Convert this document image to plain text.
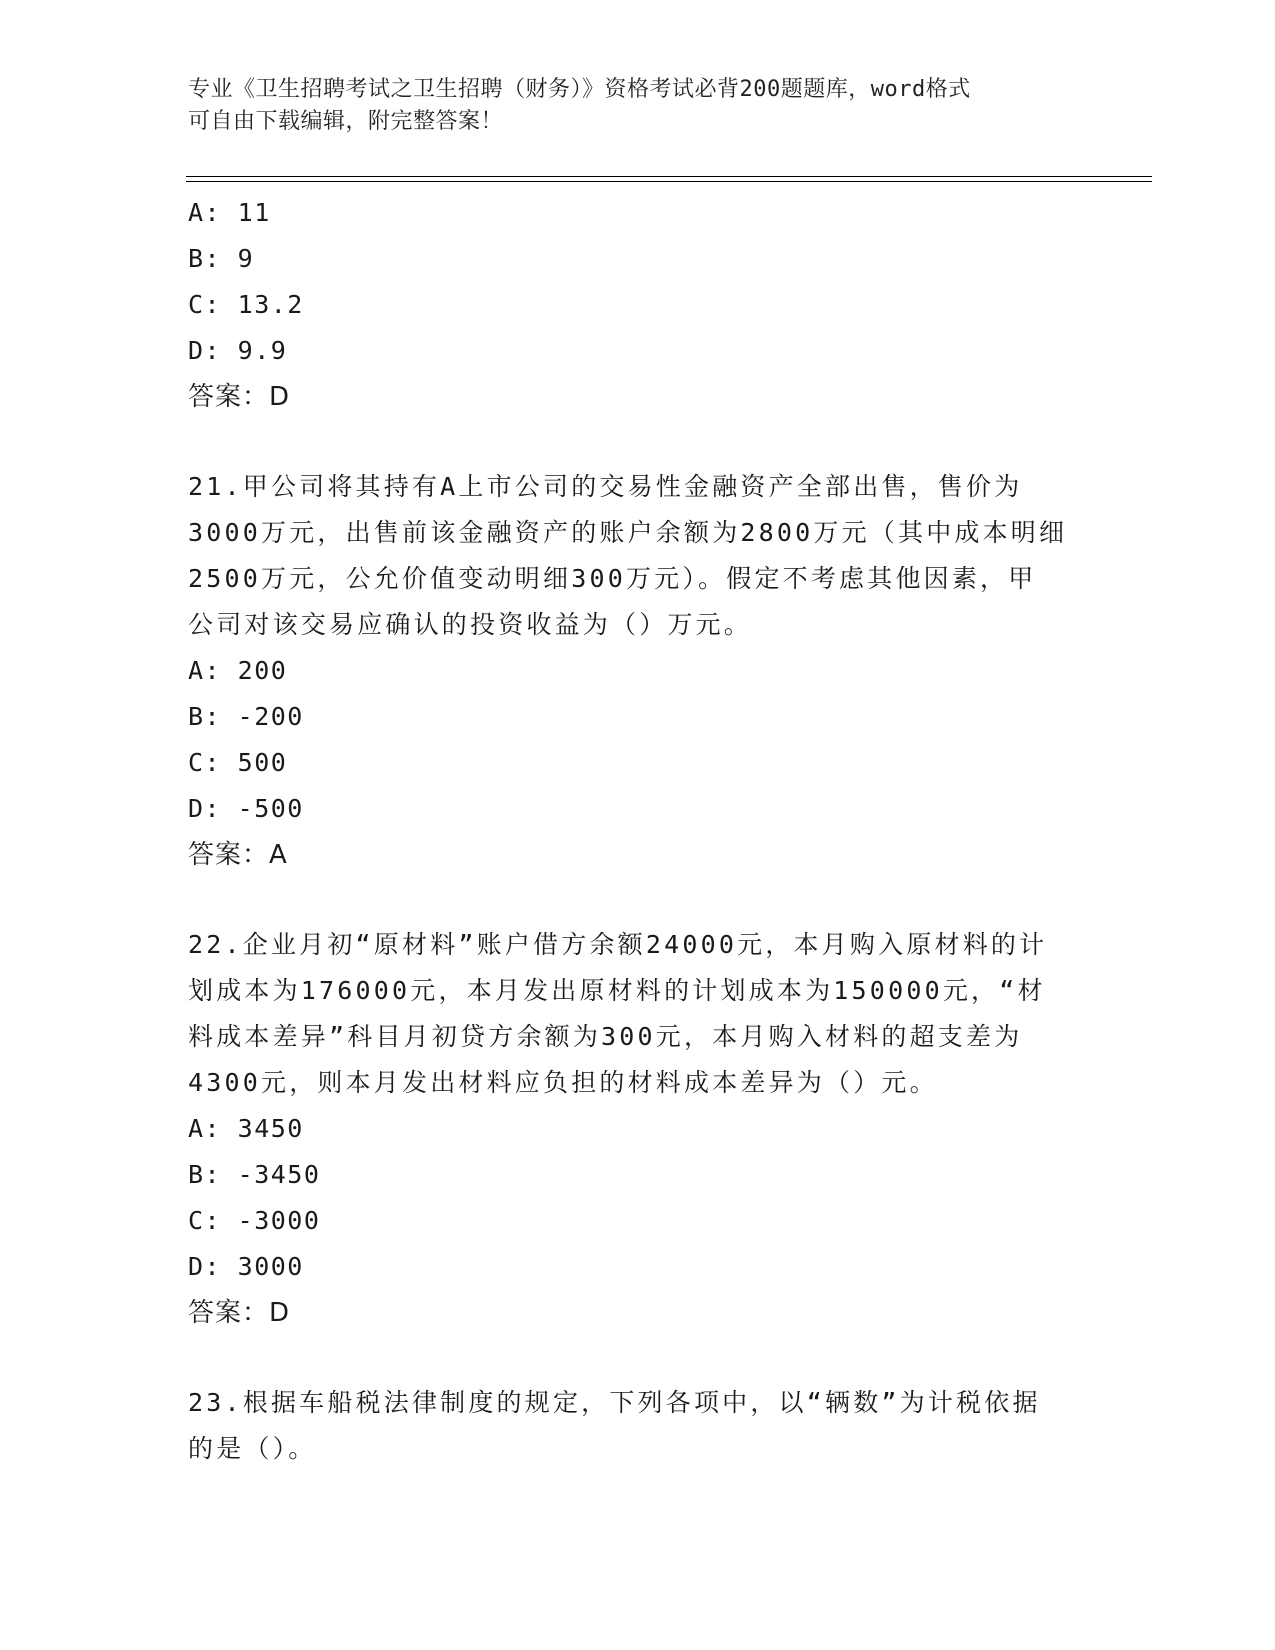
专业《卫生招聘考试之卫生招聘（财务）》资格考试必背200题题库，word格式

可自由下载编辑，附完整答案！

A: 11
B: 9
C: 13.2
D: 9.9
答案：D

21.甲公司将其持有A上市公司的交易性金融资产全部出售，售价为

3000万元，出售前该金融资产的账户余额为2800万元（其中成本明细

2500万元，公允价值变动明细300万元）。假定不考虑其他因素，甲

公司对该交易应确认的投资收益为（）万元。

A: 200
B: -200
C: 500
D: -500
答案：A

22.企业月初“原材料”账户借方余额24000元，本月购入原材料的计

划成本为176000元，本月发出原材料的计划成本为150000元，“材

料成本差异”科目月初贷方余额为300元，本月购入材料的超支差为

4300元，则本月发出材料应负担的材料成本差异为（）元。

A: 3450
B: -3450
C: -3000
D: 3000
答案：D

23.根据车船税法律制度的规定，下列各项中，以“辆数”为计税依据

的是（）。
